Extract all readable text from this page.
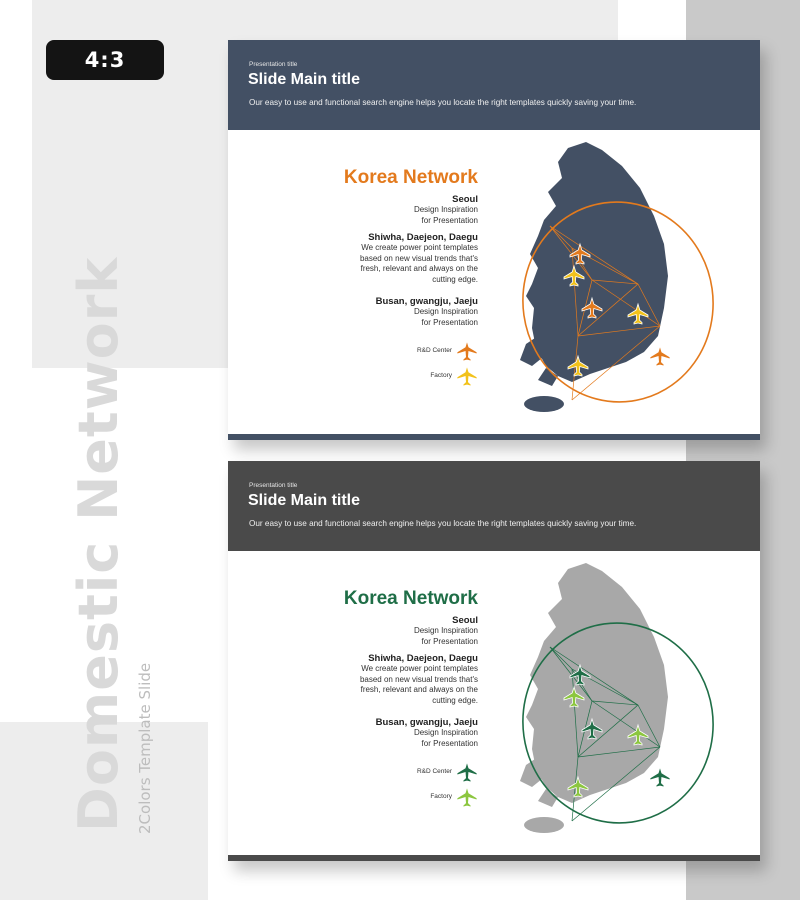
4:3
Domestic Network 2Colors Template Slide
Presentation title
Slide Main title
Our easy to use and functional search engine helps you locate the right templates quickly saving your time.
Korea Network
Seoul
Design Inspiration
for Presentation
Shiwha, Daejeon, Daegu
We create power point templates
based on new visual trends that's
fresh, relevant and always on the
cutting edge.
Busan, gwangju, Jaeju
Design Inspiration
for Presentation
R&D Center
Factory
Presentation title
Slide Main title
Our easy to use and functional search engine helps you locate the right templates quickly saving your time.
Korea Network
Seoul
Design Inspiration
for Presentation
Shiwha, Daejeon, Daegu
We create power point templates
based on new visual trends that's
fresh, relevant and always on the
cutting edge.
Busan, gwangju, Jaeju
Design Inspiration
for Presentation
R&D Center
Factory
